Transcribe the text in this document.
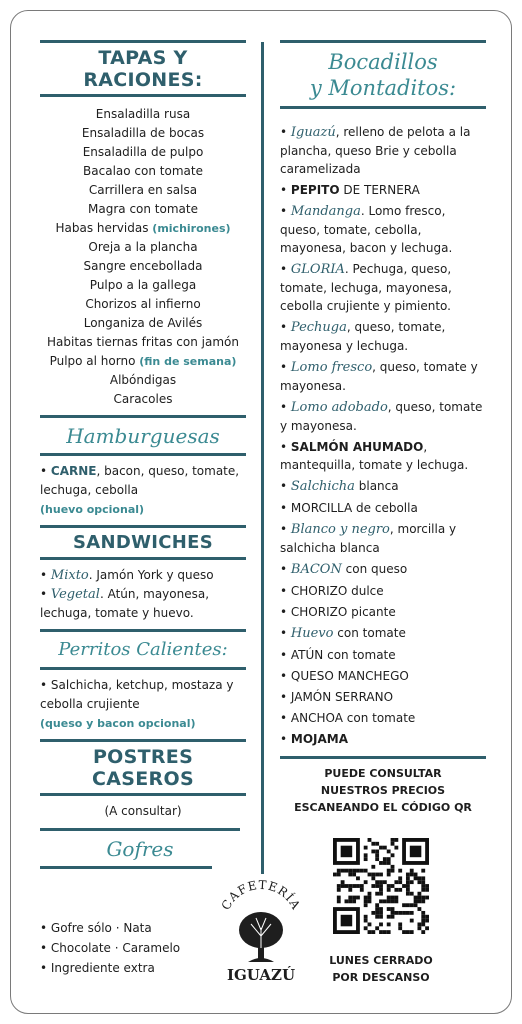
TAPAS Y
RACIONES:
Ensaladilla rusa
Ensaladilla de bocas
Ensaladilla de pulpo
Bacalao con tomate
Carrillera en salsa
Magra con tomate
Habas hervidas (michirones)
Oreja a la plancha
Sangre encebollada
Pulpo a la gallega
Chorizos al infierno
Longaniza de Avilés
Habitas tiernas fritas con jamón
Pulpo al horno (fin de semana)
Albóndigas
Caracoles
Hamburguesas
• CARNE, bacon, queso, tomate, lechuga, cebolla
(huevo opcional)
SANDWICHES
• Mixto. Jamón York y queso
• Vegetal. Atún, mayonesa, lechuga, tomate y huevo.
Perritos Calientes:
• Salchicha, ketchup, mostaza y cebolla crujiente
(queso y bacon opcional)
POSTRES
CASEROS
(A consultar)
Gofres
• Gofre sólo · Nata
• Chocolate · Caramelo
• Ingrediente extra
CAFETERÍA
IGUAZÚ
Bocadillos
y Montaditos:
• Iguazú, relleno de pelota a la plancha, queso Brie y cebolla caramelizada
• PEPITO DE TERNERA
• Mandanga. Lomo fresco, queso, tomate, cebolla, mayonesa, bacon y lechuga.
• GLORIA. Pechuga, queso, tomate, lechuga, mayonesa, cebolla crujiente y pimiento.
• Pechuga, queso, tomate, mayonesa y lechuga.
• Lomo fresco, queso, tomate y mayonesa.
• Lomo adobado, queso, tomate y mayonesa.
• SALMÓN AHUMADO, mantequilla, tomate y lechuga.
• Salchicha blanca
• MORCILLA de cebolla
• Blanco y negro, morcilla y salchicha blanca
• BACON con queso
• CHORIZO dulce
• CHORIZO picante
• Huevo con tomate
• ATÚN con tomate
• QUESO MANCHEGO
• JAMÓN SERRANO
• ANCHOA con tomate
• MOJAMA
PUEDE CONSULTAR
NUESTROS PRECIOS
ESCANEANDO EL CÓDIGO QR
LUNES CERRADO
POR DESCANSO
